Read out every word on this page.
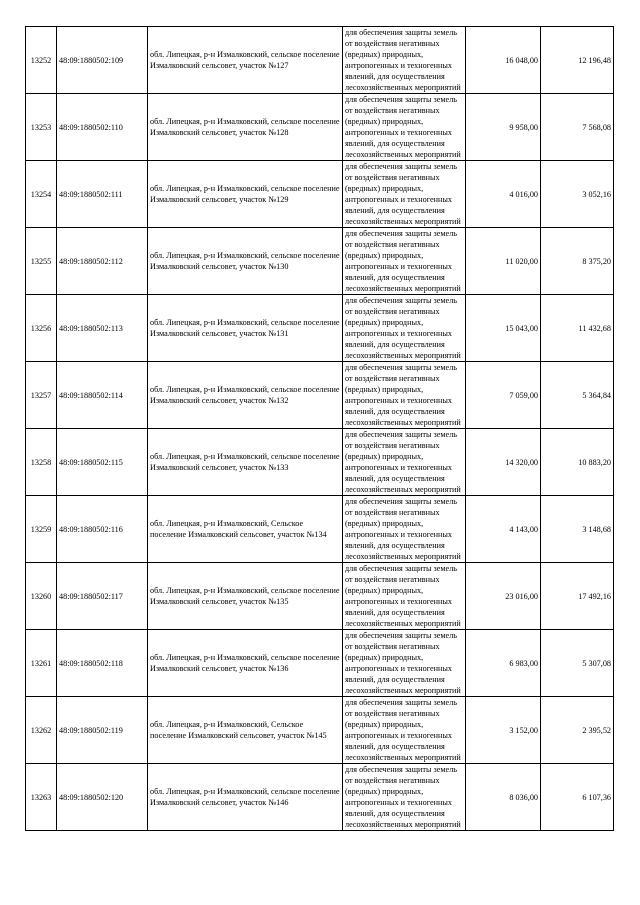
13252	48:09:1880502:109	обл. Липецкая, р-н Измалковский, сельское поселение Измалковский сельсовет, участок №127	для обеспечения защиты земель от воздействия негативных (вредных) природных, антропогенных и техногенных явлений, для осуществления лесохозяйственных мероприятий	16 048,00	12 196,48
13253	48:09:1880502:110	обл. Липецкая, р-н Измалковский, сельское поселение Измалковский сельсовет, участок №128	для обеспечения защиты земель от воздействия негативных (вредных) природных, антропогенных и техногенных явлений, для осуществления лесохозяйственных мероприятий	9 958,00	7 568,08
13254	48:09:1880502:111	обл. Липецкая, р-н Измалковский, сельское поселение Измалковский сельсовет, участок №129	для обеспечения защиты земель от воздействия негативных (вредных) природных, антропогенных и техногенных явлений, для осуществления лесохозяйственных мероприятий	4 016,00	3 052,16
13255	48:09:1880502:112	обл. Липецкая, р-н Измалковский, сельское поселение Измалковский сельсовет, участок №130	для обеспечения защиты земель от воздействия негативных (вредных) природных, антропогенных и техногенных явлений, для осуществления лесохозяйственных мероприятий	11 020,00	8 375,20
13256	48:09:1880502:113	обл. Липецкая, р-н Измалковский, сельское поселение Измалковский сельсовет, участок №131	для обеспечения защиты земель от воздействия негативных (вредных) природных, антропогенных и техногенных явлений, для осуществления лесохозяйственных мероприятий	15 043,00	11 432,68
13257	48:09:1880502:114	обл. Липецкая, р-н Измалковский, сельское поселение Измалковский сельсовет, участок №132	для обеспечения защиты земель от воздействия негативных (вредных) природных, антропогенных и техногенных явлений, для осуществления лесохозяйственных мероприятий	7 059,00	5 364,84
13258	48:09:1880502:115	обл. Липецкая, р-н Измалковский, сельское поселение Измалковский сельсовет, участок №133	для обеспечения защиты земель от воздействия негативных (вредных) природных, антропогенных и техногенных явлений, для осуществления лесохозяйственных мероприятий	14 320,00	10 883,20
13259	48:09:1880502:116	обл. Липецкая, р-н Измалковский, Сельское поселение Измалковский сельсовет, участок №134	для обеспечения защиты земель от воздействия негативных (вредных) природных, антропогенных и техногенных явлений, для осуществления лесохозяйственных мероприятий	4 143,00	3 148,68
13260	48:09:1880502:117	обл. Липецкая, р-н Измалковский, сельское поселение Измалковский сельсовет, участок №135	для обеспечения защиты земель от воздействия негативных (вредных) природных, антропогенных и техногенных явлений, для осуществления лесохозяйственных мероприятий	23 016,00	17 492,16
13261	48:09:1880502:118	обл. Липецкая, р-н Измалковский, сельское поселение Измалковский сельсовет, участок №136	для обеспечения защиты земель от воздействия негативных (вредных) природных, антропогенных и техногенных явлений, для осуществления лесохозяйственных мероприятий	6 983,00	5 307,08
13262	48:09:1880502:119	обл. Липецкая, р-н Измалковский, Сельское поселение Измалковский сельсовет, участок №145	для обеспечения защиты земель от воздействия негативных (вредных) природных, антропогенных и техногенных явлений, для осуществления лесохозяйственных мероприятий	3 152,00	2 395,52
13263	48:09:1880502:120	обл. Липецкая, р-н Измалковский, сельское поселение Измалковский сельсовет, участок №146	для обеспечения защиты земель от воздействия негативных (вредных) природных, антропогенных и техногенных явлений, для осуществления лесохозяйственных мероприятий	8 036,00	6 107,36
